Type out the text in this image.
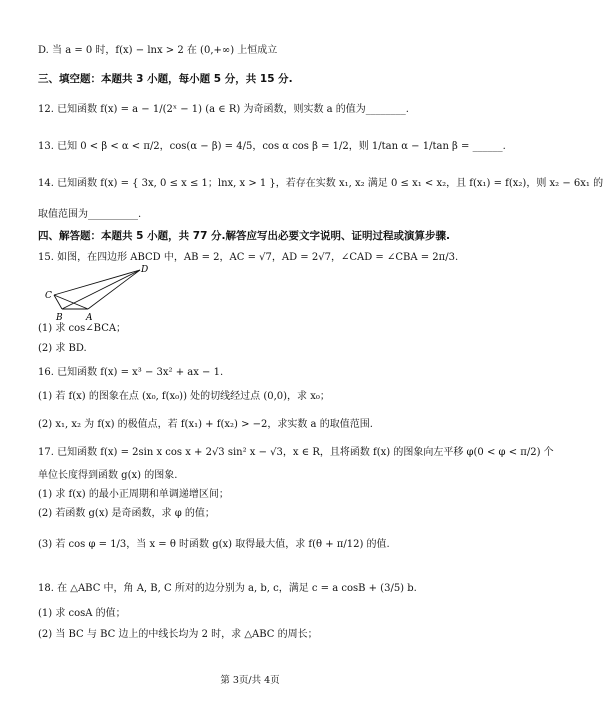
D. 当 a = 0 时，f(x) − lnx > 2 在 (0,+∞) 上恒成立
三、填空题：本题共 3 小题，每小题 5 分，共 15 分.
12. 已知函数 f(x) = a − 1/(2ˣ − 1) (a ∈ R) 为奇函数，则实数 a 的值为________.
13. 已知 0 < β < α < π/2，cos(α − β) = 4/5，cos α cos β = 1/2，则 1/tan α − 1/tan β = ______.
14. 已知函数 f(x) = { 3x, 0 ≤ x ≤ 1；lnx, x > 1 }，若存在实数 x₁, x₂ 满足 0 ≤ x₁ < x₂，且 f(x₁) = f(x₂)，则 x₂ − 6x₁ 的
取值范围为__________.
四、解答题：本题共 5 小题，共 77 分.解答应写出必要文字说明、证明过程或演算步骤.
15. 如图，在四边形 ABCD 中，AB = 2，AC = √7，AD = 2√7，∠CAD = ∠CBA = 2π/3.
D
C
B	A
(1) 求 cos∠BCA；
(2) 求 BD.
16. 已知函数 f(x) = x³ − 3x² + ax − 1.
(1) 若 f(x) 的图象在点 (x₀, f(x₀)) 处的切线经过点 (0,0)，求 x₀；
(2) x₁, x₂ 为 f(x) 的极值点，若 f(x₁) + f(x₂) > −2，求实数 a 的取值范围.
17. 已知函数 f(x) = 2sin x cos x + 2√3 sin² x − √3，x ∈ R，且将函数 f(x) 的图象向左平移 φ(0 < φ < π/2) 个
单位长度得到函数 g(x) 的图象.
(1) 求 f(x) 的最小正周期和单调递增区间；
(2) 若函数 g(x) 是奇函数，求 φ 的值；
(3) 若 cos φ = 1/3，当 x = θ 时函数 g(x) 取得最大值，求 f(θ + π/12) 的值.
18. 在 △ABC 中，角 A, B, C 所对的边分别为 a, b, c，满足 c = a cosB + (3/5) b.
(1) 求 cosA 的值；
(2) 当 BC 与 BC 边上的中线长均为 2 时，求 △ABC 的周长；
第 3页/共 4页
